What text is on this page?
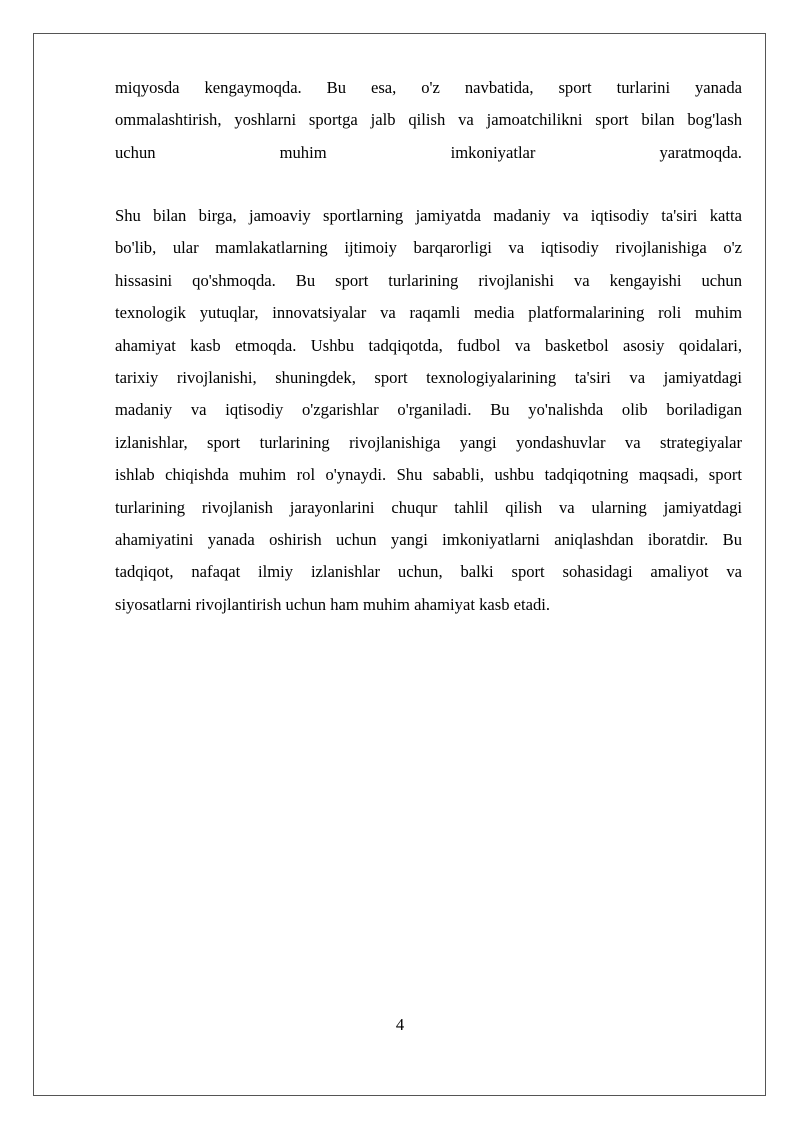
miqyosda kengaymoqda. Bu esa, o'z navbatida, sport turlarini yanada
ommalashtirish, yoshlarni sportga jalb qilish va jamoatchilikni sport bilan bog'lash
uchun	muhim	imkoniyatlar	yaratmoqda.
Shu bilan birga, jamoaviy sportlarning jamiyatda madaniy va iqtisodiy ta'siri katta
bo'lib, ular mamlakatlarning ijtimoiy barqarorligi va iqtisodiy rivojlanishiga o'z
hissasini qo'shmoqda. Bu sport turlarining rivojlanishi va kengayishi uchun
texnologik yutuqlar, innovatsiyalar va raqamli media platformalarining roli muhim
ahamiyat kasb etmoqda. Ushbu tadqiqotda, fudbol va basketbol asosiy qoidalari,
tarixiy rivojlanishi, shuningdek, sport texnologiyalarining ta'siri va jamiyatdagi
madaniy va iqtisodiy o'zgarishlar o'rganiladi. Bu yo'nalishda olib boriladigan
izlanishlar, sport turlarining rivojlanishiga yangi yondashuvlar va strategiyalar
ishlab chiqishda muhim rol o'ynaydi. Shu sababli, ushbu tadqiqotning maqsadi, sport
turlarining rivojlanish jarayonlarini chuqur tahlil qilish va ularning jamiyatdagi
ahamiyatini yanada oshirish uchun yangi imkoniyatlarni aniqlashdan iboratdir. Bu
tadqiqot, nafaqat ilmiy izlanishlar uchun, balki sport sohasidagi amaliyot va
siyosatlarni rivojlantirish uchun ham muhim ahamiyat kasb etadi.
4
